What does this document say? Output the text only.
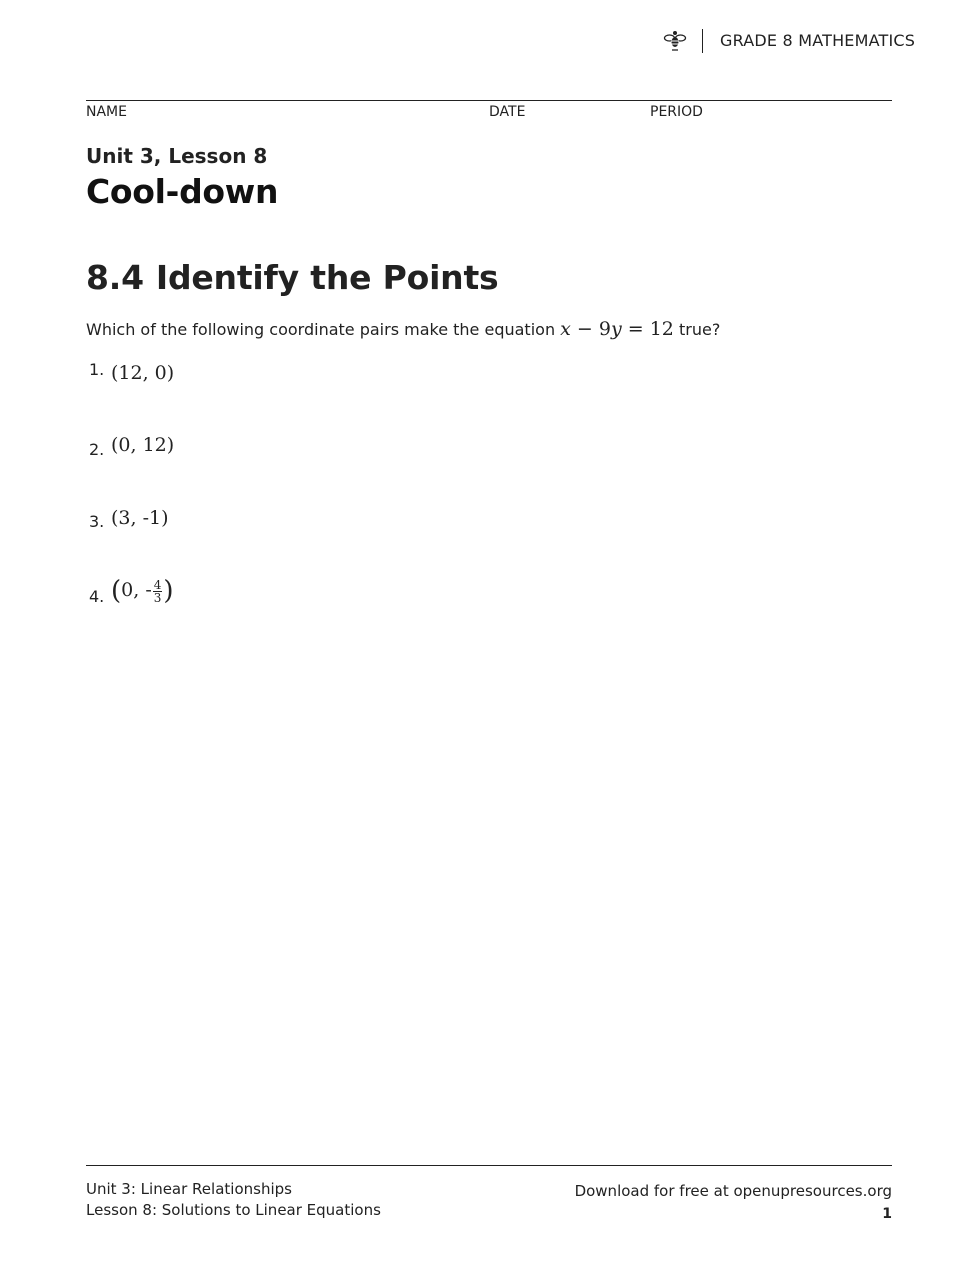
GRADE 8 MATHEMATICS
NAME	DATE	PERIOD
Unit 3, Lesson 8
Cool-down
8.4 Identify the Points
Which of the following coordinate pairs make the equation x − 9y = 12 true?
1. (12, 0)
2. (0, 12)
3. (3, -1)
4. (0, - $\frac{4}{3}$ )
Unit 3: Linear Relationships
Lesson 8: Solutions to Linear Equations
Download for free at openupresources.org
1
